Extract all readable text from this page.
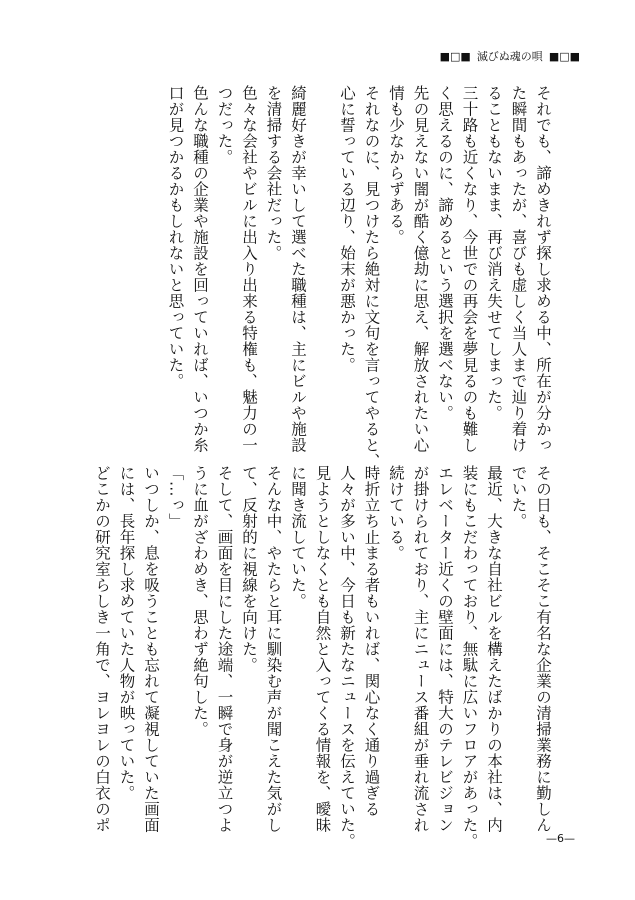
■□■ 滅びぬ魂の唄 ■□■
それでも、諦めきれず探し求める中、所在が分かっ
た瞬間もあったが、喜びも虚しく当人まで辿り着け
ることもないまま、再び消え失せてしまった。
三十路も近くなり、今世での再会を夢見るのも難し
く思えるのに、諦めるという選択を選べない。
先の見えない闇が酷く億劫に思え、解放されたい心
情も少なからずある。
それなのに、見つけたら絶対に文句を言ってやると、
心に誓っている辺り、始末が悪かった。
綺麗好きが幸いして選べた職種は、主にビルや施設
を清掃する会社だった。
色々な会社やビルに出入り出来る特権も、魅力の一
つだった。
色んな職種の企業や施設を回っていれば、いつか糸
口が見つかるかもしれないと思っていた。
その日も、そこそこ有名な企業の清掃業務に勤しん
でいた。
最近、大きな自社ビルを構えたばかりの本社は、内
装にもこだわっており、無駄に広いフロアがあった。
エレベーター近くの壁面には、特大のテレビジョン
が掛けられており、主にニュース番組が垂れ流され
続けている。
時折立ち止まる者もいれば、関心なく通り過ぎる
人々が多い中、今日も新たなニュースを伝えていた。
見ようとしなくとも自然と入ってくる情報を、曖昧
に聞き流していた。
そんな中、やたらと耳に馴染む声が聞こえた気がし
て、反射的に視線を向けた。
そして、画面を目にした途端、一瞬で身が逆立つよ
うに血がざわめき、思わず絶句した。
「…っ」
いつしか、息を吸うことも忘れて凝視していた画面
には、長年探し求めていた人物が映っていた。
どこかの研究室らしき一角で、ヨレヨレの白衣のポ
—6—
